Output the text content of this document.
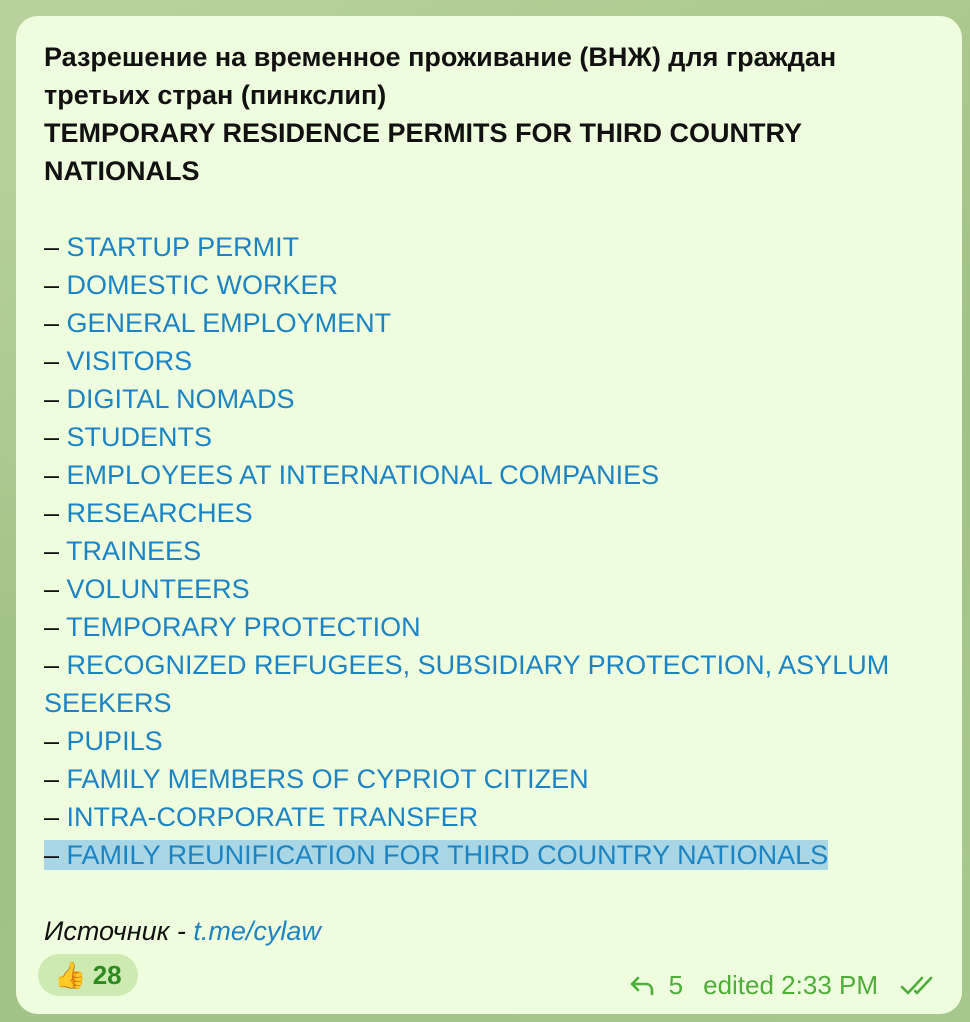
Разрешение на временное проживание (ВНЖ) для граждан третьих стран (пинкслип)

TEMPORARY RESIDENCE PERMITS FOR THIRD COUNTRY NATIONALS

– STARTUP PERMIT
– DOMESTIC WORKER
– GENERAL EMPLOYMENT
– VISITORS
– DIGITAL NOMADS
– STUDENTS
– EMPLOYEES AT INTERNATIONAL COMPANIES
– RESEARCHES
– TRAINEES
– VOLUNTEERS
– TEMPORARY PROTECTION
– RECOGNIZED REFUGEES, SUBSIDIARY PROTECTION, ASYLUM SEEKERS
– PUPILS
– FAMILY MEMBERS OF CYPRIOT CITIZEN
– INTRA-CORPORATE TRANSFER
– FAMILY REUNIFICATION FOR THIRD COUNTRY NATIONALS

Источник - t.me/cylaw

👍 28	5 edited 2:33 PM
